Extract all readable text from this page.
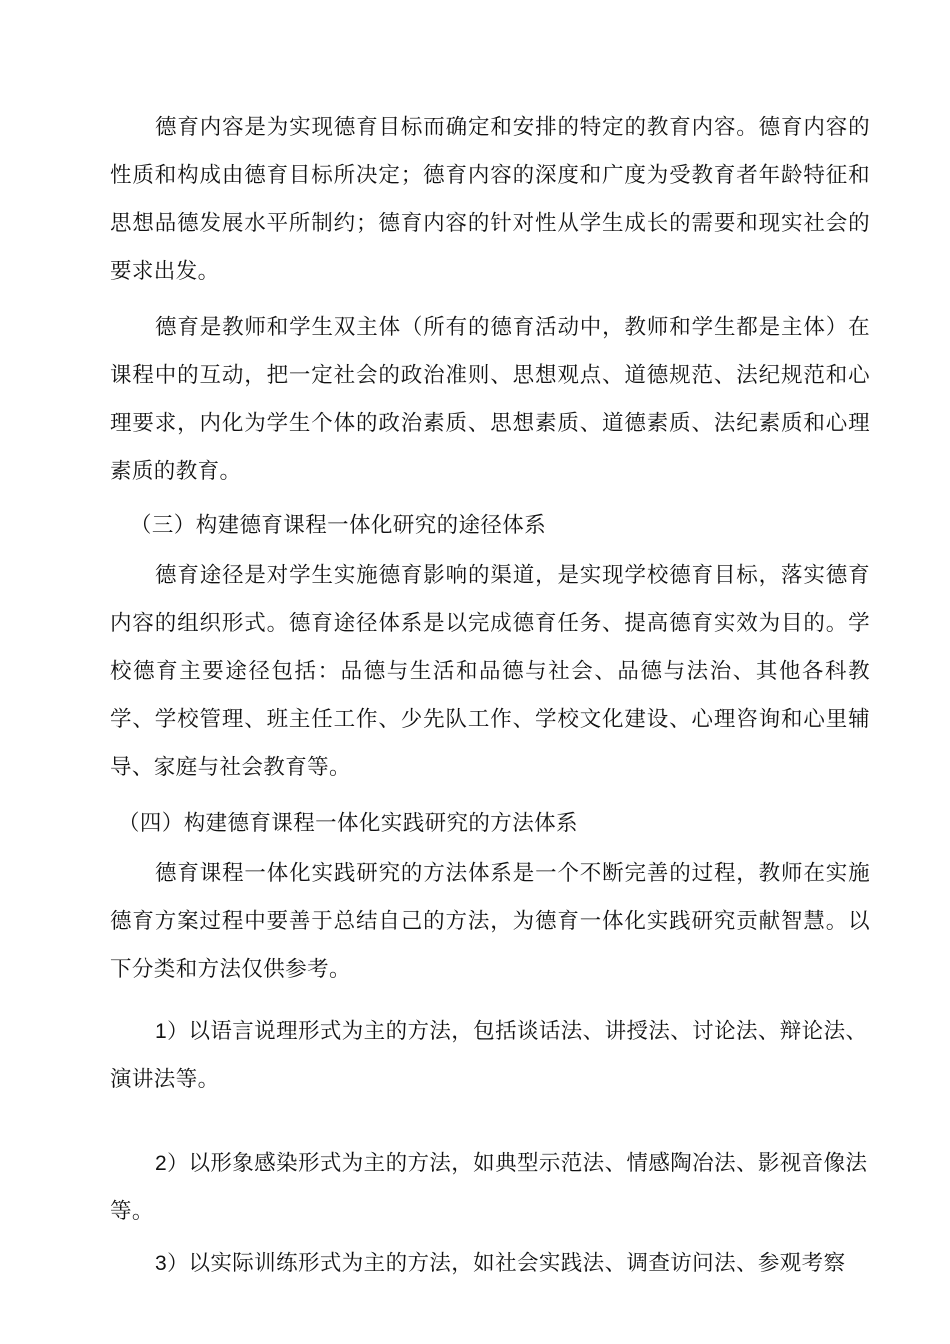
德育内容是为实现德育目标而确定和安排的特定的教育内容。德育内容的性质和构成由德育目标所决定；德育内容的深度和广度为受教育者年龄特征和思想品德发展水平所制约；德育内容的针对性从学生成长的需要和现实社会的要求出发。

德育是教师和学生双主体（所有的德育活动中，教师和学生都是主体）在课程中的互动，把一定社会的政治准则、思想观点、道德规范、法纪规范和心理要求，内化为学生个体的政治素质、思想素质、道德素质、法纪素质和心理素质的教育。

（三）构建德育课程一体化研究的途径体系

德育途径是对学生实施德育影响的渠道，是实现学校德育目标，落实德育内容的组织形式。德育途径体系是以完成德育任务、提高德育实效为目的。学校德育主要途径包括：品德与生活和品德与社会、品德与法治、其他各科教学、学校管理、班主任工作、少先队工作、学校文化建设、心理咨询和心里辅导、家庭与社会教育等。

（四）构建德育课程一体化实践研究的方法体系

德育课程一体化实践研究的方法体系是一个不断完善的过程，教师在实施德育方案过程中要善于总结自己的方法，为德育一体化实践研究贡献智慧。以下分类和方法仅供参考。

1）以语言说理形式为主的方法，包括谈话法、讲授法、讨论法、辩论法、演讲法等。

2）以形象感染形式为主的方法，如典型示范法、情感陶冶法、影视音像法等。

3）以实际训练形式为主的方法，如社会实践法、调查访问法、参观考察
